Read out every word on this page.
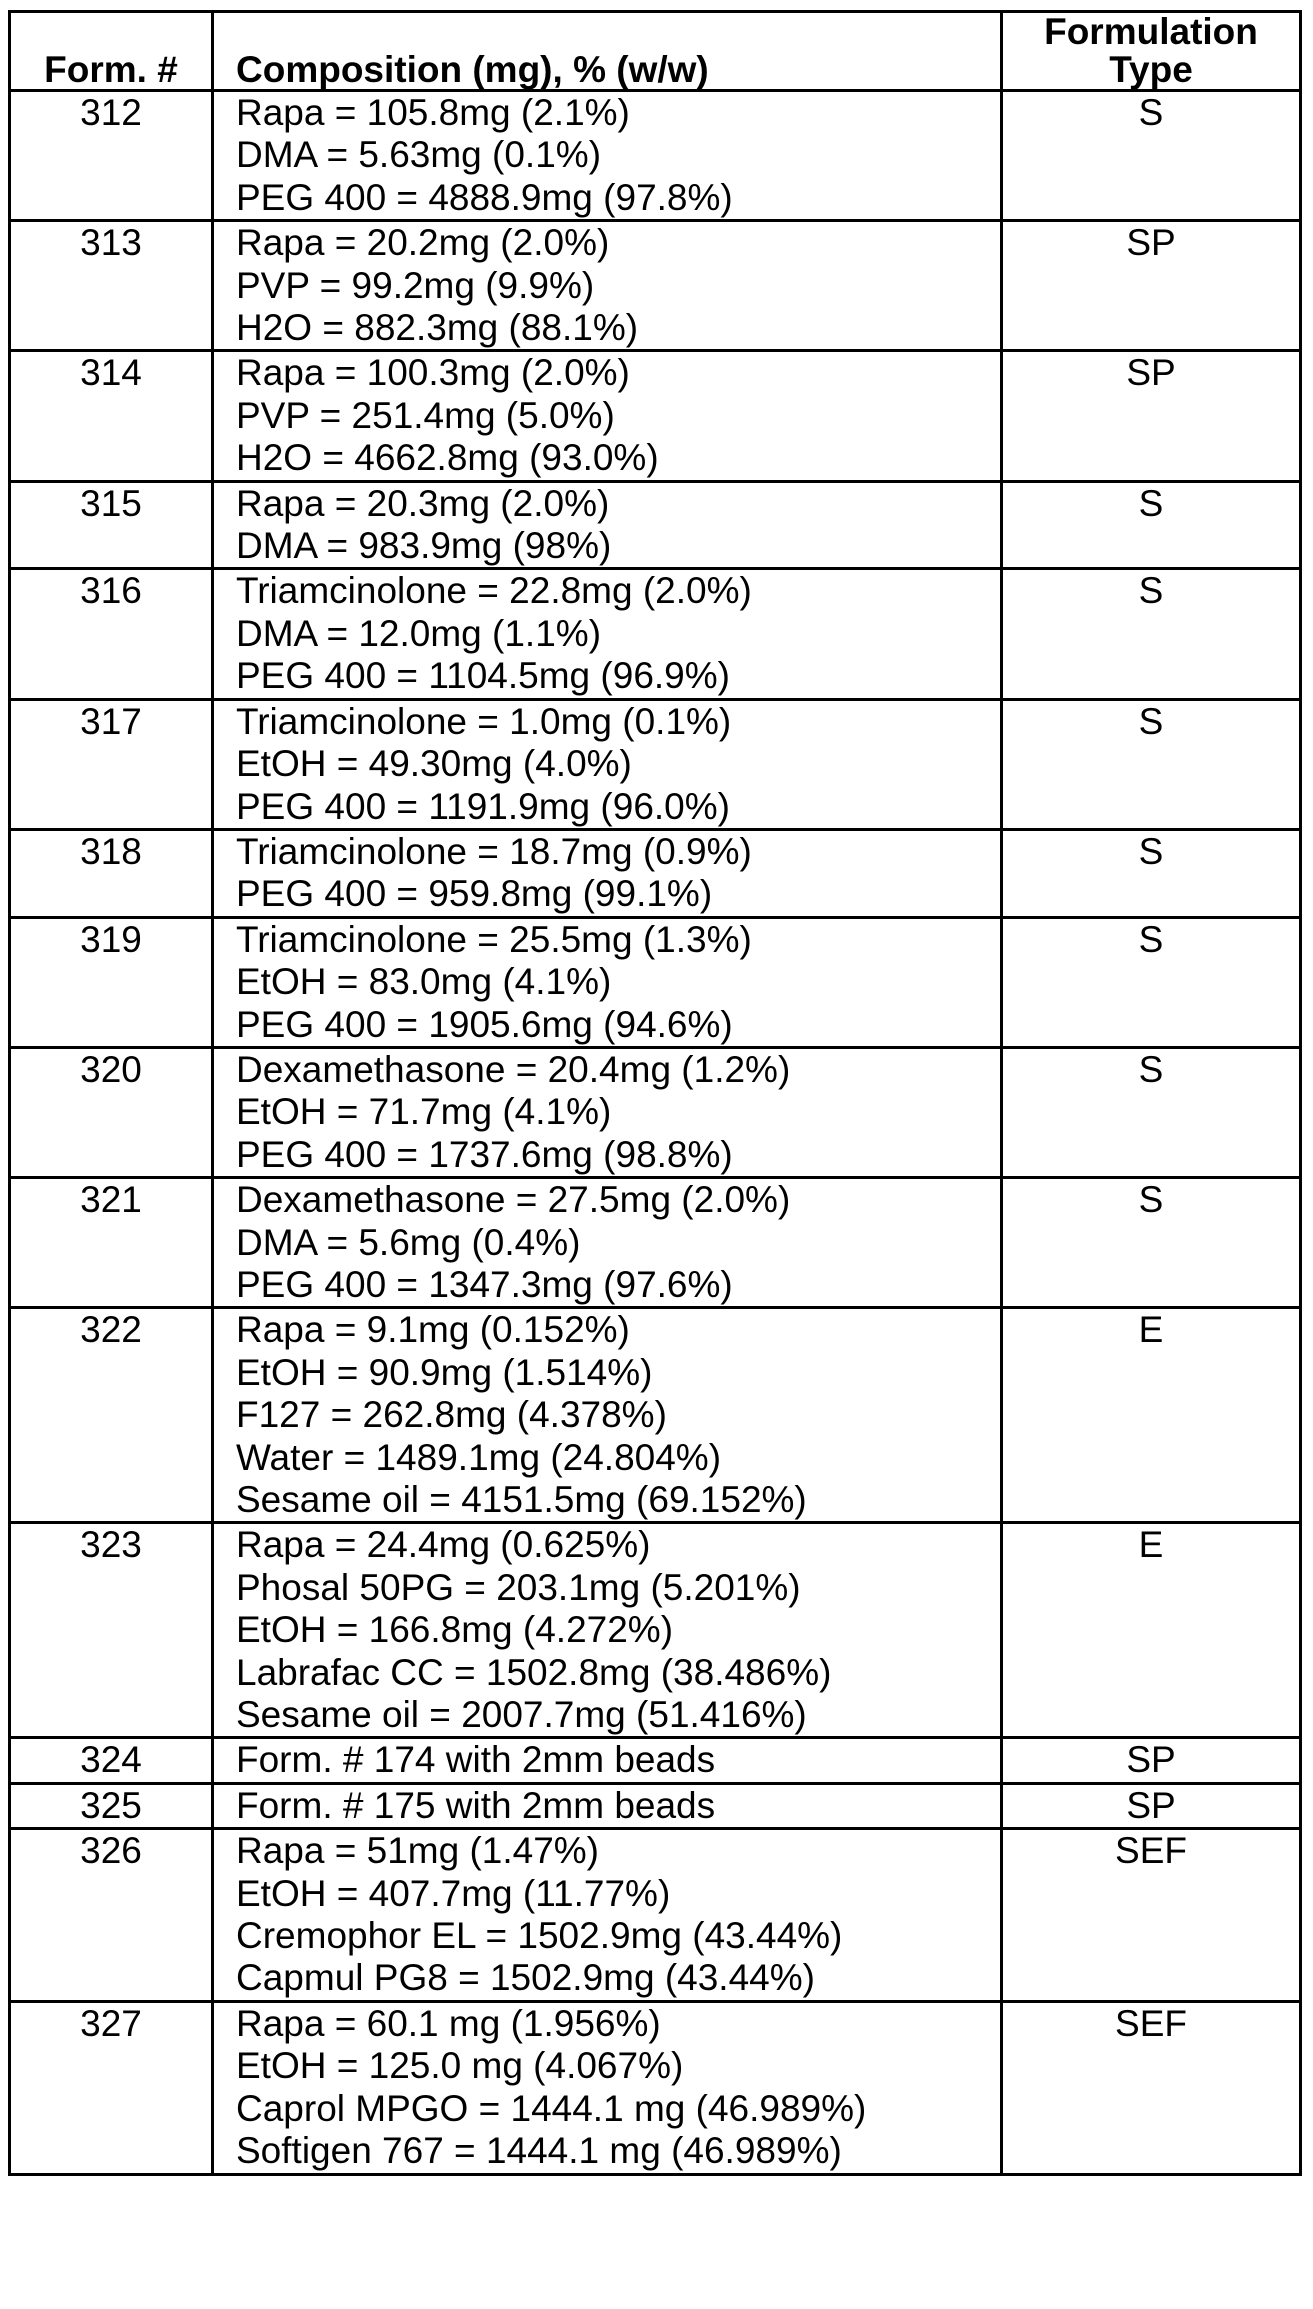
Form. #	Composition (mg), % (w/w)	
Formulation
Type

312	Rapa = 105.8mg (2.1%)
DMA = 5.63mg (0.1%)
PEG 400 = 4888.9mg (97.8%)
	S
313	Rapa = 20.2mg (2.0%)
PVP = 99.2mg (9.9%)
H2O = 882.3mg (88.1%)
	SP
314	Rapa = 100.3mg (2.0%)
PVP = 251.4mg (5.0%)
H2O = 4662.8mg (93.0%)
	SP
315	Rapa = 20.3mg (2.0%)
DMA = 983.9mg (98%)
	S
316	Triamcinolone = 22.8mg (2.0%)
DMA = 12.0mg (1.1%)
PEG 400 = 1104.5mg (96.9%)
	S
317	Triamcinolone = 1.0mg (0.1%)
EtOH = 49.30mg (4.0%)
PEG 400 = 1191.9mg (96.0%)
	S
318	Triamcinolone = 18.7mg (0.9%)
PEG 400 = 959.8mg (99.1%)
	S
319	Triamcinolone = 25.5mg (1.3%)
EtOH = 83.0mg (4.1%)
PEG 400 = 1905.6mg (94.6%)
	S
320	Dexamethasone = 20.4mg (1.2%)
EtOH = 71.7mg (4.1%)
PEG 400 = 1737.6mg (98.8%)
	S
321	Dexamethasone = 27.5mg (2.0%)
DMA = 5.6mg (0.4%)
PEG 400 = 1347.3mg (97.6%)
	S
322	Rapa = 9.1mg (0.152%)
EtOH = 90.9mg (1.514%)
F127 = 262.8mg (4.378%)
Water = 1489.1mg (24.804%)
Sesame oil = 4151.5mg (69.152%)
	E
323	Rapa = 24.4mg (0.625%)
Phosal 50PG = 203.1mg (5.201%)
EtOH = 166.8mg (4.272%)
Labrafac CC = 1502.8mg (38.486%)
Sesame oil = 2007.7mg (51.416%)
	E
324	Form. # 174 with 2mm beads	SP
325	Form. # 175 with 2mm beads	SP
326	Rapa = 51mg (1.47%)
EtOH = 407.7mg (11.77%)
Cremophor EL = 1502.9mg (43.44%)
Capmul PG8 = 1502.9mg (43.44%)
	SEF
327	Rapa = 60.1 mg (1.956%)
EtOH = 125.0 mg (4.067%)
Caprol MPGO = 1444.1 mg (46.989%)
Softigen 767 = 1444.1 mg (46.989%)
	SEF
